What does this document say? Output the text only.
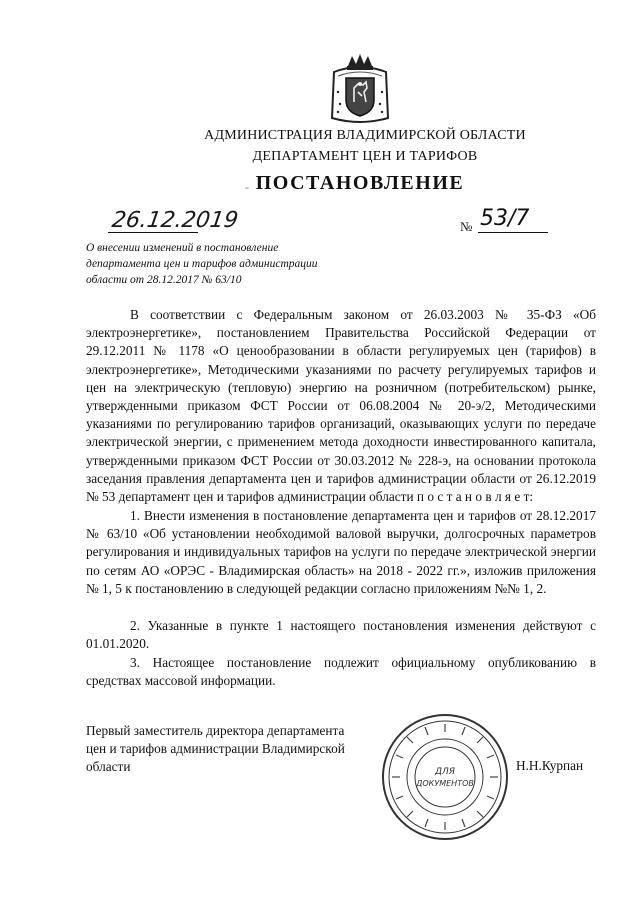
АДМИНИСТРАЦИЯ ВЛАДИМИРСКОЙ ОБЛАСТИ
ДЕПАРТАМЕНТ ЦЕН И ТАРИФОВ
- ПОСТАНОВЛЕНИЕ
26.12.2019	№ 53/7
О внесении изменений в постановление департамента цен и тарифов администрации области от 28.12.2017 № 63/10
В соответствии с Федеральным законом от 26.03.2003 № 35-ФЗ «Об электроэнергетике», постановлением Правительства Российской Федерации от 29.12.2011 № 1178 «О ценообразовании в области регулируемых цен (тарифов) в электроэнергетике», Методическими указаниями по расчету регулируемых тарифов и цен на электрическую (тепловую) энергию на розничном (потребительском) рынке, утвержденными приказом ФСТ России от 06.08.2004 № 20-э/2, Методическими указаниями по регулированию тарифов организаций, оказывающих услуги по передаче электрической энергии, с применением метода доходности инвестированного капитала, утвержденными приказом ФСТ России от 30.03.2012 № 228-э, на основании протокола заседания правления департамента цен и тарифов администрации области от 26.12.2019 № 53 департамент цен и тарифов администрации области п о с т а н о в л я е т:
1. Внести изменения в постановление департамента цен и тарифов от 28.12.2017 № 63/10 «Об установлении необходимой валовой выручки, долгосрочных параметров регулирования и индивидуальных тарифов на услуги по передаче электрической энергии по сетям АО «ОРЭС - Владимирская область» на 2018 - 2022 гг.», изложив приложения № 1, 5 к постановлению в следующей редакции согласно приложениям №№ 1, 2.
2. Указанные в пункте 1 настоящего постановления изменения действуют с 01.01.2020.
3. Настоящее постановление подлежит официальному опубликованию в средствах массовой информации.
Первый заместитель директора департамента цен и тарифов администрации Владимирской области	ДЛЯ
ДОКУМЕНТОВ
Н.Н.Курпан
